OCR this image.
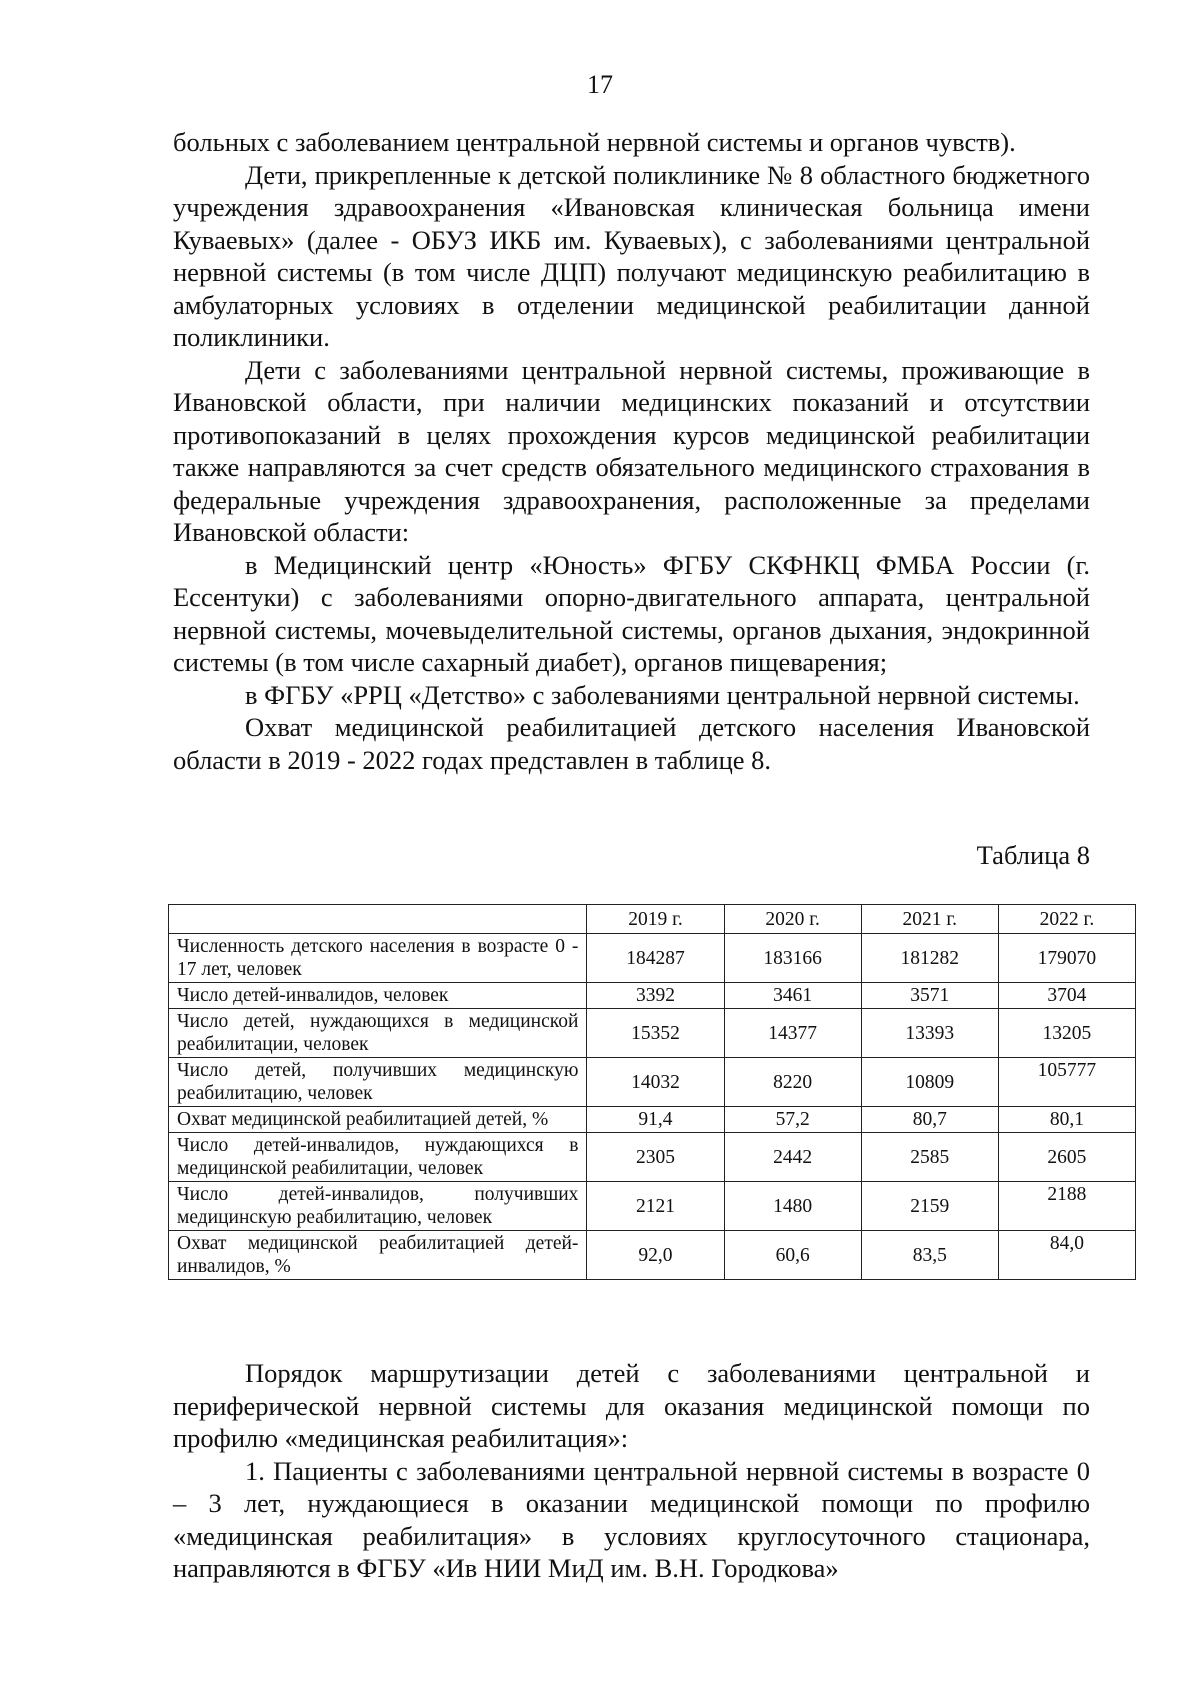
17

больных с заболеванием центральной нервной системы и органов чувств).

Дети, прикрепленные к детской поликлинике № 8 областного бюджетного учреждения здравоохранения «Ивановская клиническая больница имени Куваевых» (далее - ОБУЗ ИКБ им. Куваевых), с заболеваниями центральной нервной системы (в том числе ДЦП) получают медицинскую реабилитацию в амбулаторных условиях в отделении медицинской реабилитации данной поликлиники.

Дети с заболеваниями центральной нервной системы, проживающие в Ивановской области, при наличии медицинских показаний и отсутствии противопоказаний в целях прохождения курсов медицинской реабилитации также направляются за счет средств обязательного медицинского страхования в федеральные учреждения здравоохранения, расположенные за пределами Ивановской области:

в Медицинский центр «Юность» ФГБУ СКФНКЦ ФМБА России (г. Ессентуки) с заболеваниями опорно-двигательного аппарата, центральной нервной системы, мочевыделительной системы, органов дыхания, эндокринной системы (в том числе сахарный диабет), органов пищеварения;

в ФГБУ «РРЦ «Детство» с заболеваниями центральной нервной системы.

Охват медицинской реабилитацией детского населения Ивановской области в 2019 - 2022 годах представлен в таблице 8.

Таблица 8
	2019 г.	2020 г.	2021 г.	2022 г.
Численность детского населения в возрасте 0 - 17 лет, человек	184287	183166	181282	179070
Число детей-инвалидов, человек	3392	3461	3571	3704
Число детей, нуждающихся в медицинской реабилитации, человек	15352	14377	13393	13205
Число детей, получивших медицинскую реабилитацию, человек	14032	8220	10809	105777
Охват медицинской реабилитацией детей, %	91,4	57,2	80,7	80,1
Число детей-инвалидов, нуждающихся в медицинской реабилитации, человек	2305	2442	2585	2605
Число детей-инвалидов, получивших медицинскую реабилитацию, человек	2121	1480	2159	2188
Охват медицинской реабилитацией детей-инвалидов, %	92,0	60,6	83,5	84,0

Порядок маршрутизации детей с заболеваниями центральной и периферической нервной системы для оказания медицинской помощи по профилю «медицинская реабилитация»:

1. Пациенты с заболеваниями центральной нервной системы в возрасте 0 – 3 лет, нуждающиеся в оказании медицинской помощи по профилю «медицинская реабилитация» в условиях круглосуточного стационара, направляются в ФГБУ «Ив НИИ МиД им. В.Н. Городкова»
